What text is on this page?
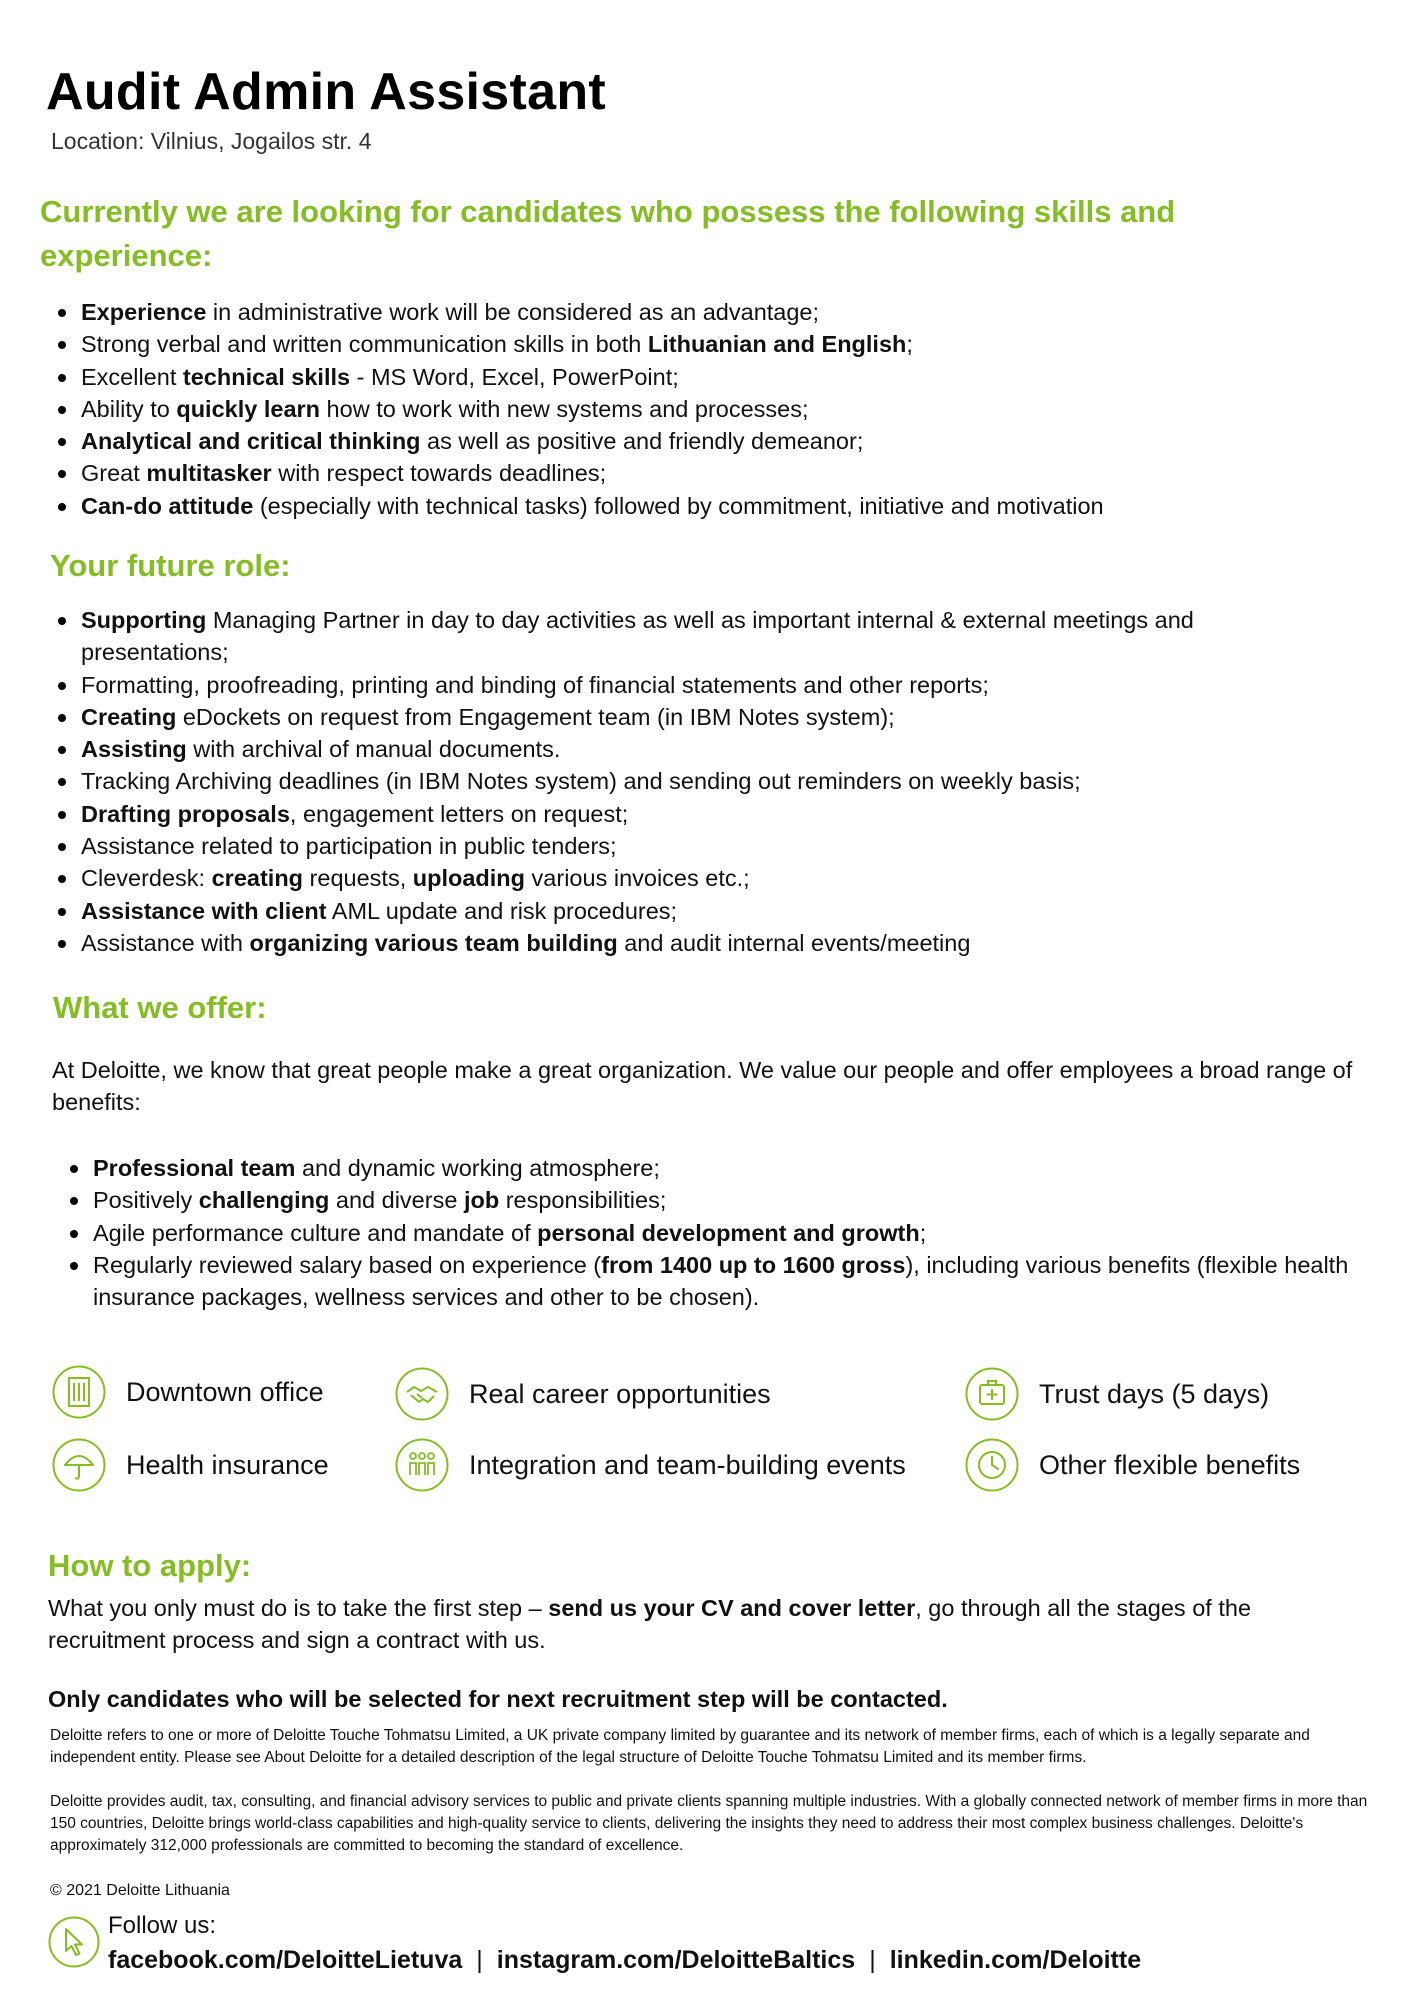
Audit Admin Assistant
Location: Vilnius, Jogailos str. 4
Currently we are looking for candidates who possess the following skills and experience:
Experience in administrative work will be considered as an advantage;
Strong verbal and written communication skills in both Lithuanian and English;
Excellent technical skills - MS Word, Excel, PowerPoint;
Ability to quickly learn how to work with new systems and processes;
Analytical and critical thinking as well as positive and friendly demeanor;
Great multitasker with respect towards deadlines;
Can-do attitude (especially with technical tasks) followed by commitment, initiative and motivation
Your future role:
Supporting Managing Partner in day to day activities as well as important internal & external meetings and presentations;
Formatting, proofreading, printing and binding of financial statements and other reports;
Creating eDockets on request from Engagement team (in IBM Notes system);
Assisting with archival of manual documents.
Tracking Archiving deadlines (in IBM Notes system) and sending out reminders on weekly basis;
Drafting proposals, engagement letters on request;
Assistance related to participation in public tenders;
Cleverdesk: creating requests, uploading various invoices etc.;
Assistance with client AML update and risk procedures;
Assistance with organizing various team building and audit internal events/meeting
What we offer:

At Deloitte, we know that great people make a great organization. We value our people and offer employees a broad range of benefits:

Professional team and dynamic working atmosphere;
Positively challenging and diverse job responsibilities;
Agile performance culture and mandate of personal development and growth;
Regularly reviewed salary based on experience (from 1400 up to 1600 gross), including various benefits (flexible health insurance packages, wellness services and other to be chosen).
Downtown office	Real career opportunities	Trust days (5 days)
Health insurance	Integration and team-building events	Other flexible benefits
How to apply:

What you only must do is to take the first step – send us your CV and cover letter, go through all the stages of the recruitment process and sign a contract with us.

Only candidates who will be selected for next recruitment step will be contacted.

Deloitte refers to one or more of Deloitte Touche Tohmatsu Limited, a UK private company limited by guarantee and its network of member firms, each of which is a legally separate and independent entity. Please see About Deloitte for a detailed description of the legal structure of Deloitte Touche Tohmatsu Limited and its member firms.

Deloitte provides audit, tax, consulting, and financial advisory services to public and private clients spanning multiple industries. With a globally connected network of member firms in more than 150 countries, Deloitte brings world-class capabilities and high-quality service to clients, delivering the insights they need to address their most complex business challenges. Deloitte's approximately 312,000 professionals are committed to becoming the standard of excellence.

© 2021 Deloitte Lithuania
Follow us:
facebook.com/DeloitteLietuva | instagram.com/DeloitteBaltics | linkedin.com/Deloitte
